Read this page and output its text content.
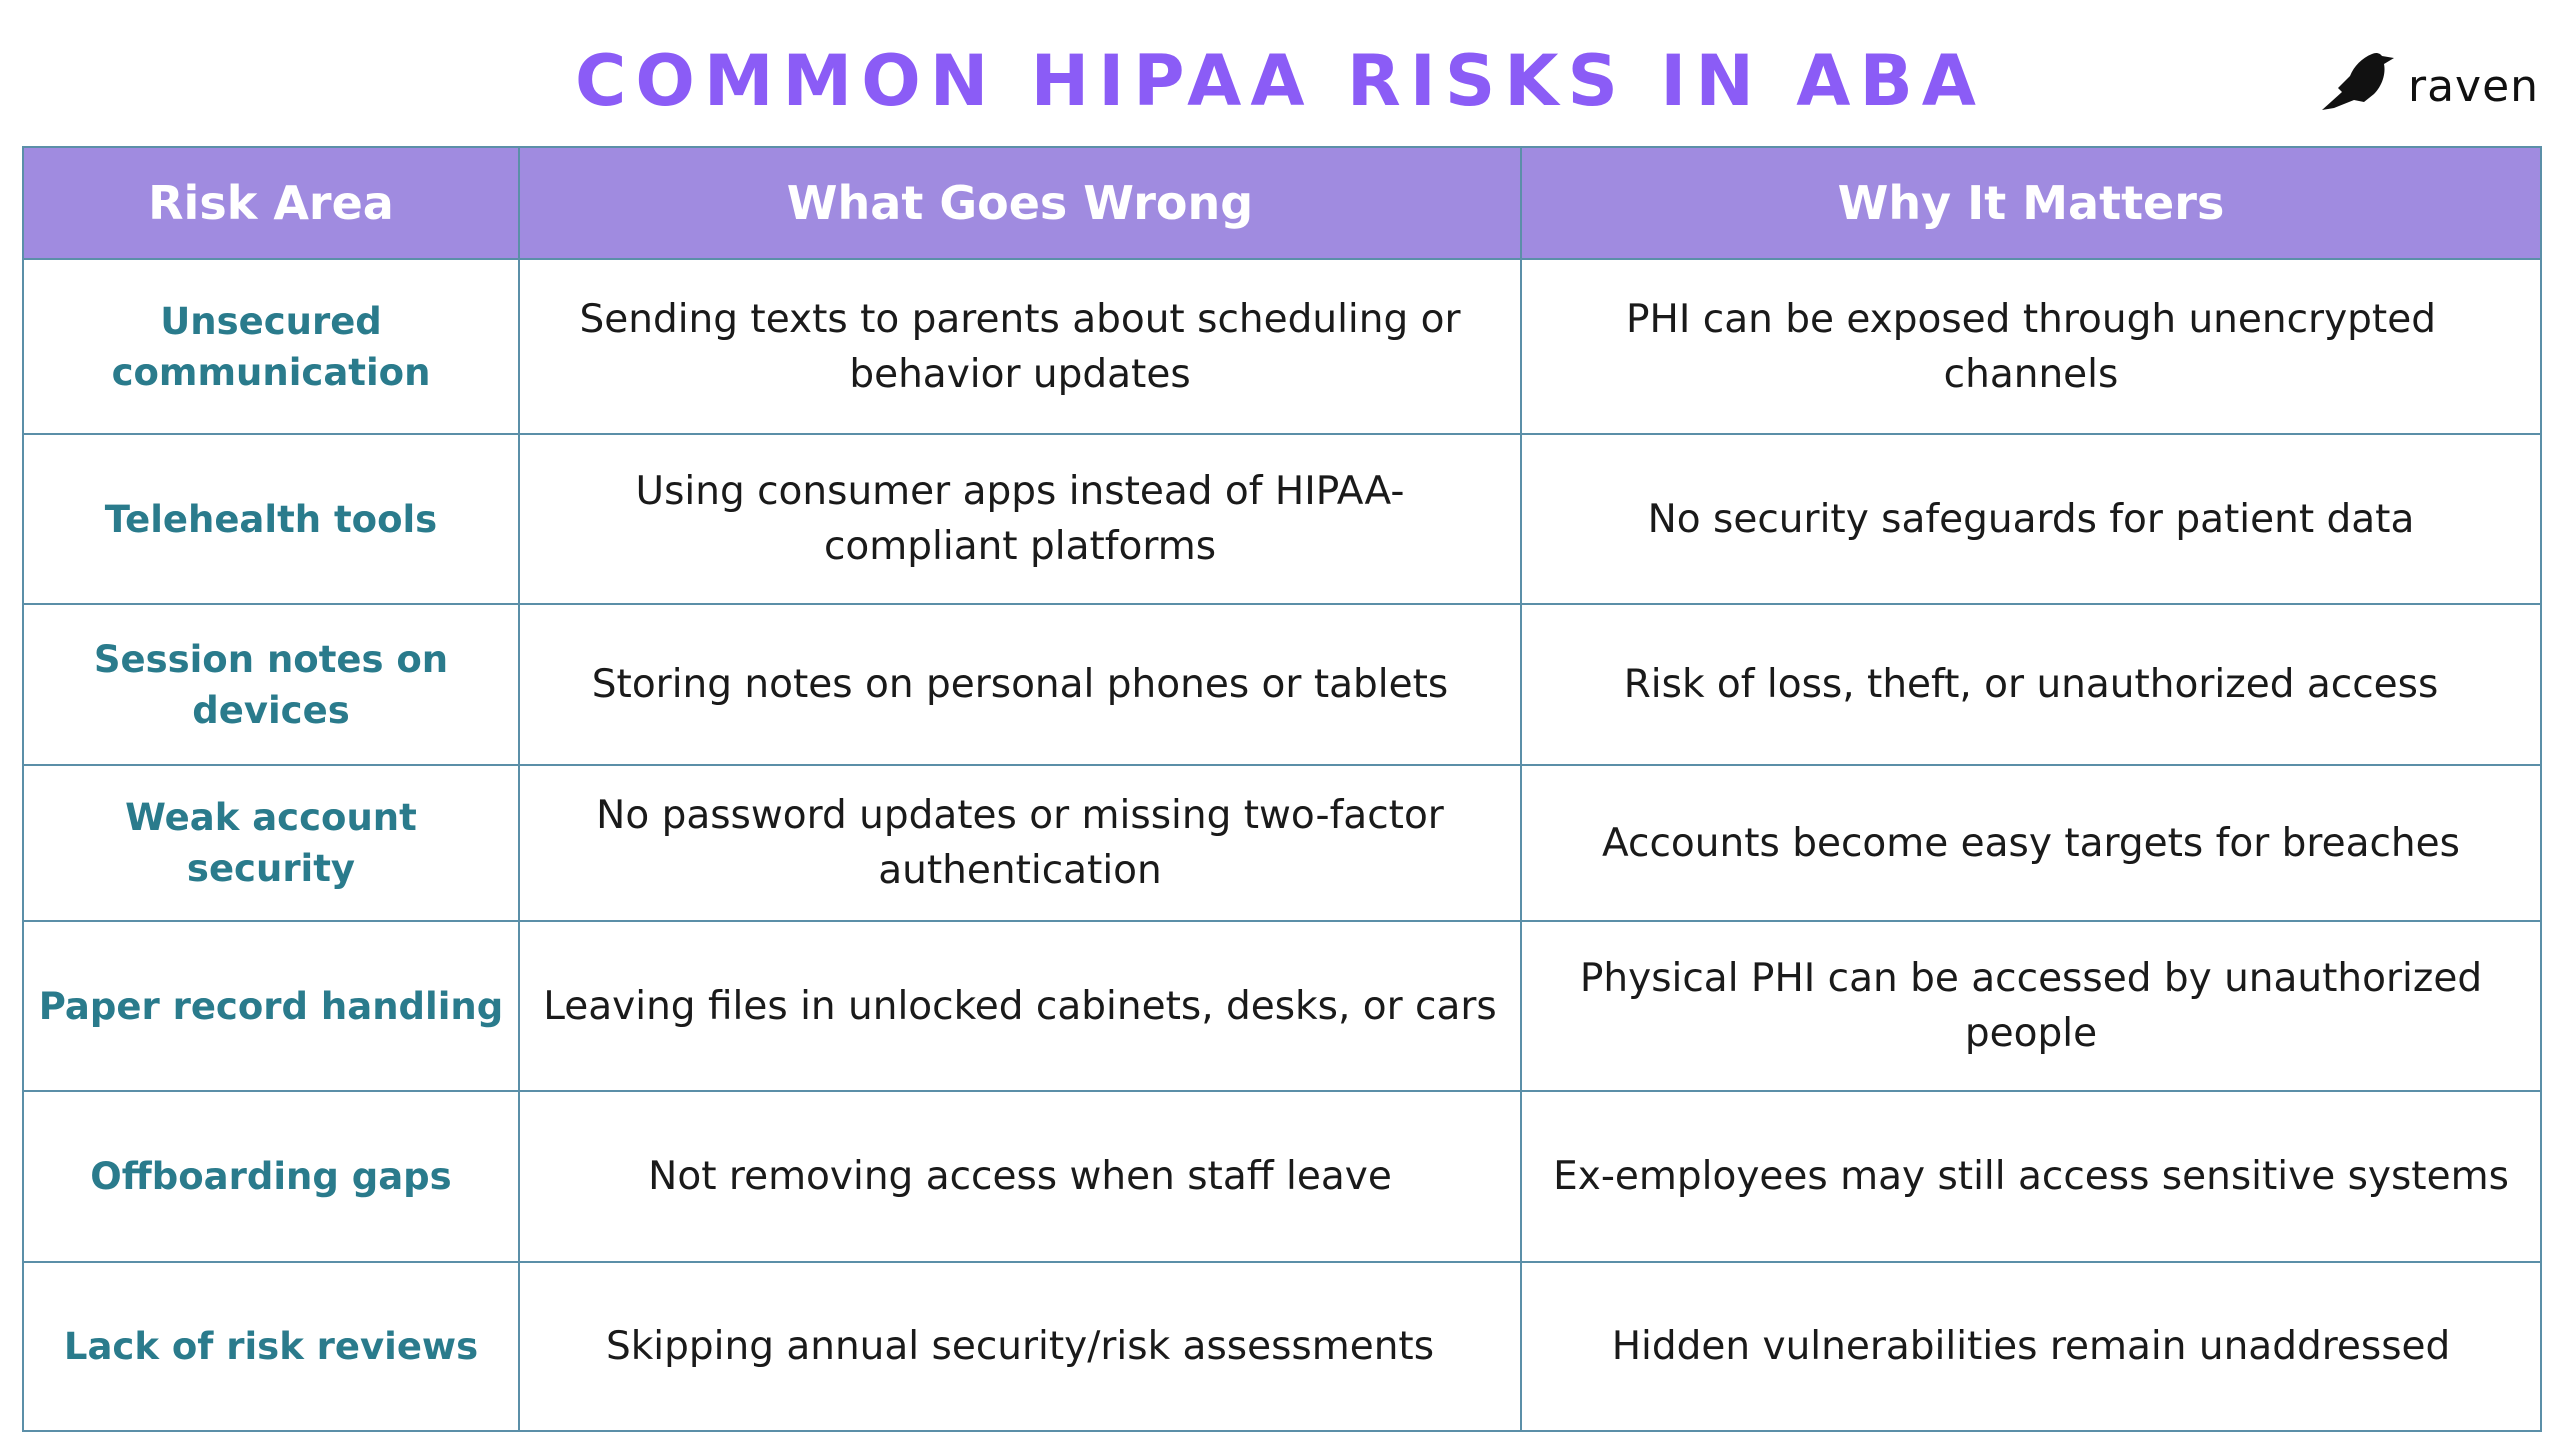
COMMON HIPAA RISKS IN ABA	raven
Risk Area	What Goes Wrong	Why It Matters
Unsecured communication	Sending texts to parents about scheduling or behavior updates	PHI can be exposed through unencrypted channels
Telehealth tools	Using consumer apps instead of HIPAA-compliant platforms	No security safeguards for patient data
Session notes on devices	Storing notes on personal phones or tablets	Risk of loss, theft, or unauthorized access
Weak account security	No password updates or missing two-factor authentication	Accounts become easy targets for breaches
Paper record handling	Leaving files in unlocked cabinets, desks, or cars	Physical PHI can be accessed by unauthorized people
Offboarding gaps	Not removing access when staff leave	Ex-employees may still access sensitive systems
Lack of risk reviews	Skipping annual security/risk assessments	Hidden vulnerabilities remain unaddressed
